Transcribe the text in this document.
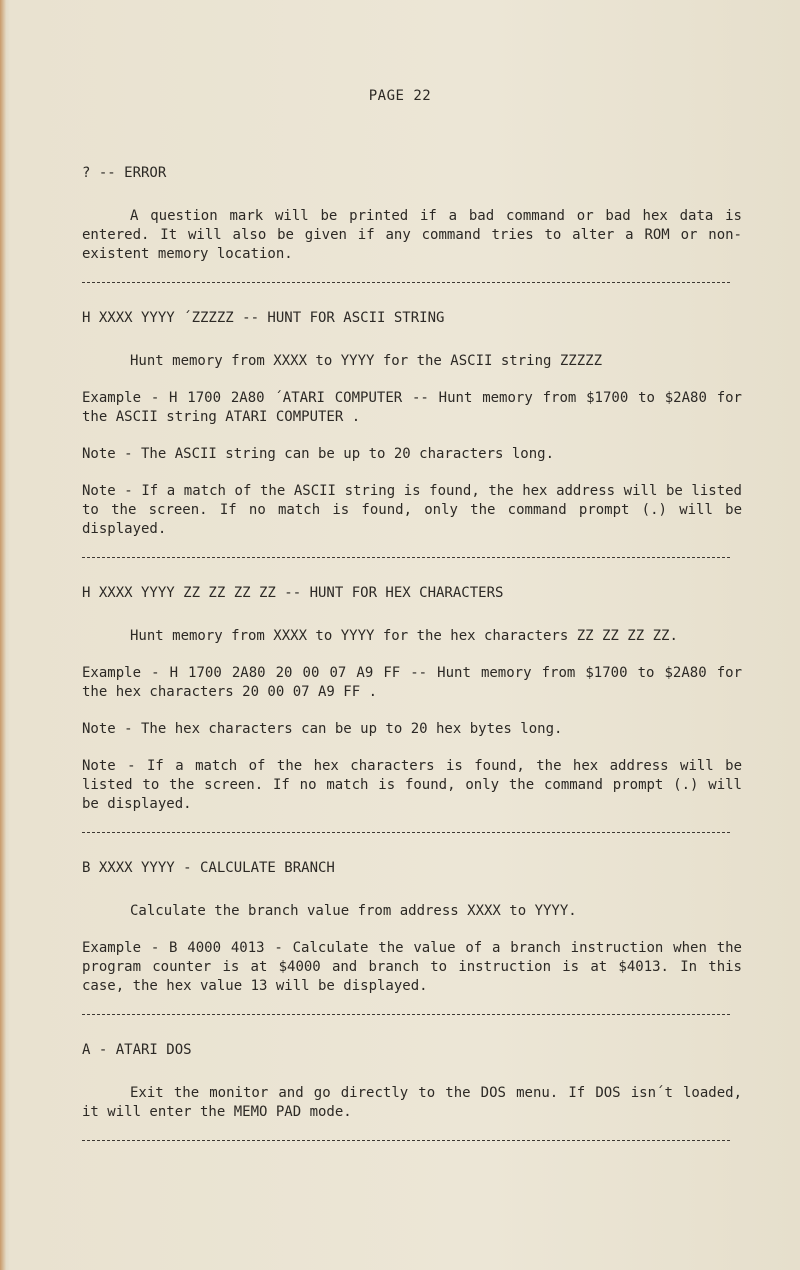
PAGE 22
? -- ERROR

A question mark will be printed if a bad command or bad hex data is entered. It will also be given if any command tries to alter a ROM or non-existent memory location.

H XXXX YYYY ´ZZZZZ -- HUNT FOR ASCII STRING

Hunt memory from XXXX to YYYY for the ASCII string ZZZZZ

Example - H 1700 2A80 ´ATARI COMPUTER -- Hunt memory from $1700 to $2A80 for the ASCII string ATARI COMPUTER .

Note - The ASCII string can be up to 20 characters long.

Note - If a match of the ASCII string is found, the hex address will be listed to the screen. If no match is found, only the command prompt (.) will be displayed.

H XXXX YYYY ZZ ZZ ZZ ZZ -- HUNT FOR HEX CHARACTERS

Hunt memory from XXXX to YYYY for the hex characters ZZ ZZ ZZ ZZ.

Example - H 1700 2A80 20 00 07 A9 FF -- Hunt memory from $1700 to $2A80 for the hex characters 20 00 07 A9 FF .

Note - The hex characters can be up to 20 hex bytes long.

Note - If a match of the hex characters is found, the hex address will be listed to the screen. If no match is found, only the command prompt (.) will be displayed.

B XXXX YYYY - CALCULATE BRANCH

Calculate the branch value from address XXXX to YYYY.

Example - B 4000 4013 - Calculate the value of a branch instruction when the program counter is at $4000 and branch to instruction is at $4013. In this case, the hex value 13 will be displayed.

A - ATARI DOS

Exit the monitor and go directly to the DOS menu. If DOS isn´t loaded, it will enter the MEMO PAD mode.
